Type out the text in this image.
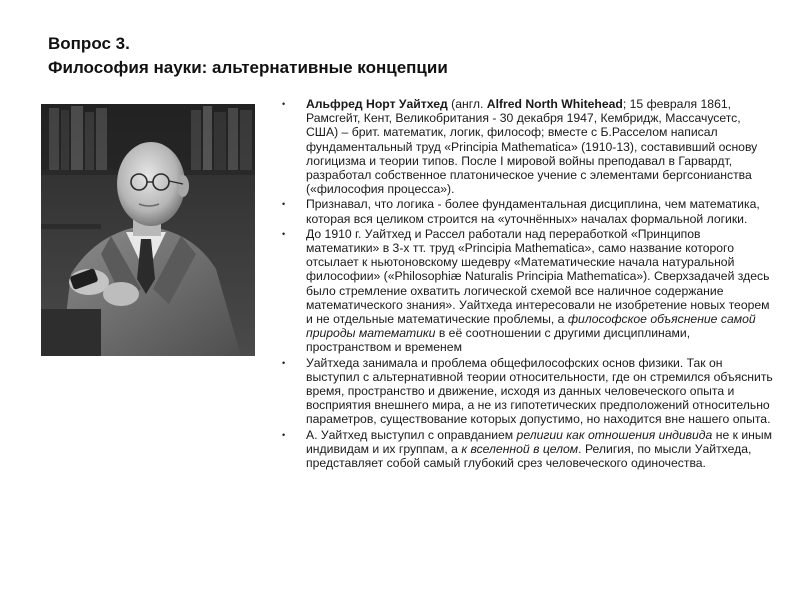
Вопрос 3.
Философия науки: альтернативные концепции
• Альфред Норт Уайтхед (англ. Alfred North Whitehead; 15 февраля 1861, Рамсгейт, Кент, Великобритания - 30 декабря 1947, Кембридж, Массачусетс, США) – брит. математик, логик, философ; вместе с Б.Расселом написал фундаментальный труд «Principia Mathematica» (1910-13), составивший основу логицизма и теории типов. После I мировой войны преподавал в Гарвардт, разработал собственное платоническое учение с элементами бергсонианства («философия процесса»).
• Признавал, что логика - более фундаментальная дисциплина, чем математика, которая вся целиком строится на «уточнённых» началах формальной логики.
• До 1910 г. Уайтхед и Рассел работали над переработкой «Принципов математики» в 3-х тт. труд «Principia Mathematica», само название которого отсылает к ньютоновскому шедевру «Математические начала натуральной философии» («Philosophiæ Naturalis Principia Mathematica»). Сверхзадачей здесь было стремление охватить логической схемой все наличное содержание математического знания». Уайтхеда интересовали не изобретение новых теорем и не отдельные математические проблемы, а философское объяснение самой природы математики в её соотношении с другими дисциплинами, пространством и временем
• Уайтхеда занимала и проблема общефилософских основ физики. Так он выступил с альтернативной теории относительности, где он стремился объяснить время, пространство и движение, исходя из данных человеческого опыта и восприятия внешнего мира, а не из гипотетических предположений относительно параметров, существование которых допустимо, но находится вне нашего опыта.
• А. Уайтхед выступил с оправданием религии как отношения индивида не к иным индивидам и их группам, а к вселенной в целом. Религия, по мысли Уайтхеда, представляет собой самый глубокий срез человеческого одиночества.
